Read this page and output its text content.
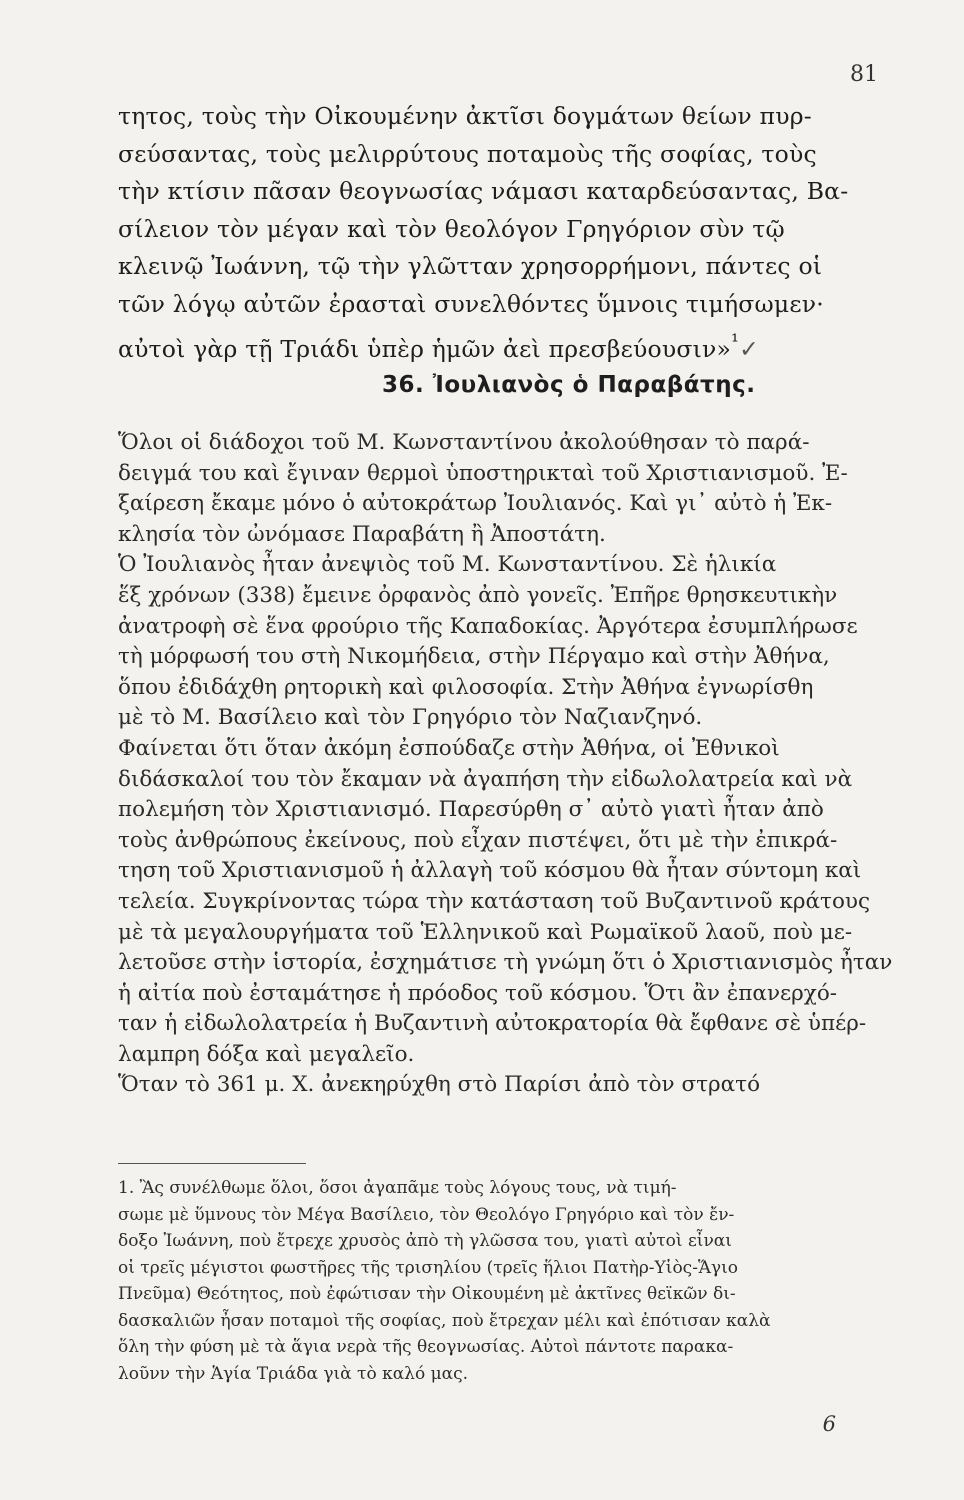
81
τητος, τοὺς τὴν Οἰκουμένην ἀκτῖσι δογμάτων θείων πυρ-
σεύσαντας, τοὺς μελιρρύτους ποταμοὺς τῆς σοφίας, τοὺς
τὴν κτίσιν πᾶσαν θεογνωσίας νάμασι καταρδεύσαντας, Βα-
σίλειον τὸν μέγαν καὶ τὸν θεολόγον Γρηγόριον σὺν τῷ
κλεινῷ Ἰωάννη, τῷ τὴν γλῶτταν χρησορρήμονι, πάντες οἱ
τῶν λόγῳ αὐτῶν ἐρασταὶ συνελθόντες ὕμνοις τιμήσωμεν·
αὐτοὶ γὰρ τῇ Τριάδι ὑπὲρ ἡμῶν ἀεὶ πρεσβεύουσιν»$^{^1}$✓
36. Ἰουλιανὸς ὁ Παραβάτης.
Ὅλοι οἱ διάδοχοι τοῦ Μ. Κωνσταντίνου ἀκολούθησαν τὸ παρά-
δειγμά του καὶ ἔγιναν θερμοὶ ὑποστηρικταὶ τοῦ Χριστιανισμοῦ. Ἐ-
ξαίρεση ἔκαμε μόνο ὁ αὐτοκράτωρ Ἰουλιανός. Καὶ γι᾽ αὐτὸ ἡ Ἐκ-
κλησία τὸν ὠνόμασε Παραβάτη ἢ Ἀποστάτη.
Ὁ Ἰουλιανὸς ἦταν ἀνεψιὸς τοῦ Μ. Κωνσταντίνου. Σὲ ἡλικία
ἕξ χρόνων (338) ἔμεινε ὀρφανὸς ἀπὸ γονεῖς. Ἐπῆρε θρησκευτικὴν
ἀνατροφὴ σὲ ἕνα φρούριο τῆς Καπαδοκίας. Ἀργότερα ἐσυμπλήρωσε
τὴ μόρφωσή του στὴ Νικομήδεια, στὴν Πέργαμο καὶ στὴν Ἀθήνα,
ὅπου ἐδιδάχθη ρητορικὴ καὶ φιλοσοφία. Στὴν Ἀθήνα ἐγνωρίσθη
μὲ τὸ Μ. Βασίλειο καὶ τὸν Γρηγόριο τὸν Ναζιανζηνό.
Φαίνεται ὅτι ὅταν ἀκόμη ἐσπούδαζε στὴν Ἀθήνα, οἱ Ἐθνικοὶ
διδάσκαλοί του τὸν ἔκαμαν νὰ ἀγαπήση τὴν εἰδωλολατρεία καὶ νὰ
πολεμήση τὸν Χριστιανισμό. Παρεσύρθη σ᾽ αὐτὸ γιατὶ ἦταν ἀπὸ
τοὺς ἀνθρώπους ἐκείνους, ποὺ εἶχαν πιστέψει, ὅτι μὲ τὴν ἐπικρά-
τηση τοῦ Χριστιανισμοῦ ἡ ἀλλαγὴ τοῦ κόσμου θὰ ἦταν σύντομη καὶ
τελεία. Συγκρίνοντας τώρα τὴν κατάσταση τοῦ Βυζαντινοῦ κράτους
μὲ τὰ μεγαλουργήματα τοῦ Ἑλληνικοῦ καὶ Ρωμαϊκοῦ λαοῦ, ποὺ με-
λετοῦσε στὴν ἱστορία, ἐσχημάτισε τὴ γνώμη ὅτι ὁ Χριστιανισμὸς ἦταν
ἡ αἰτία ποὺ ἐσταμάτησε ἡ πρόοδος τοῦ κόσμου. Ὅτι ἂν ἐπανερχό-
ταν ἡ εἰδωλολατρεία ἡ Βυζαντινὴ αὐτοκρατορία θὰ ἔφθανε σὲ ὑπέρ-
λαμπρη δόξα καὶ μεγαλεῖο.
Ὅταν τὸ 361 μ. Χ. ἀνεκηρύχθη στὸ Παρίσι ἀπὸ τὸν στρατό
1. Ἂς συνέλθωμε ὅλοι, ὅσοι ἀγαπᾶμε τοὺς λόγους τους, νὰ τιμή-
σωμε μὲ ὕμνους τὸν Μέγα Βασίλειο, τὸν Θεολόγο Γρηγόριο καὶ τὸν ἔν-
δοξο Ἰωάννη, ποὺ ἔτρεχε χρυσὸς ἀπὸ τὴ γλῶσσα του, γιατὶ αὐτοὶ εἶναι
οἱ τρεῖς μέγιστοι φωστῆρες τῆς τρισηλίου (τρεῖς ἥλιοι Πατὴρ-Υἱὸς-Ἅγιο
Πνεῦμα) Θεότητος, ποὺ ἐφώτισαν τὴν Οἰκουμένη μὲ ἀκτῖνες θεϊκῶν δι-
δασκαλιῶν ἦσαν ποταμοὶ τῆς σοφίας, ποὺ ἔτρεχαν μέλι καὶ ἐπότισαν καλὰ
ὅλη τὴν φύση μὲ τὰ ἅγια νερὰ τῆς θεογνωσίας. Αὐτοὶ πάντοτε παρακα-
λοῦνν τὴν Ἁγία Τριάδα γιὰ τὸ καλό μας.
6
